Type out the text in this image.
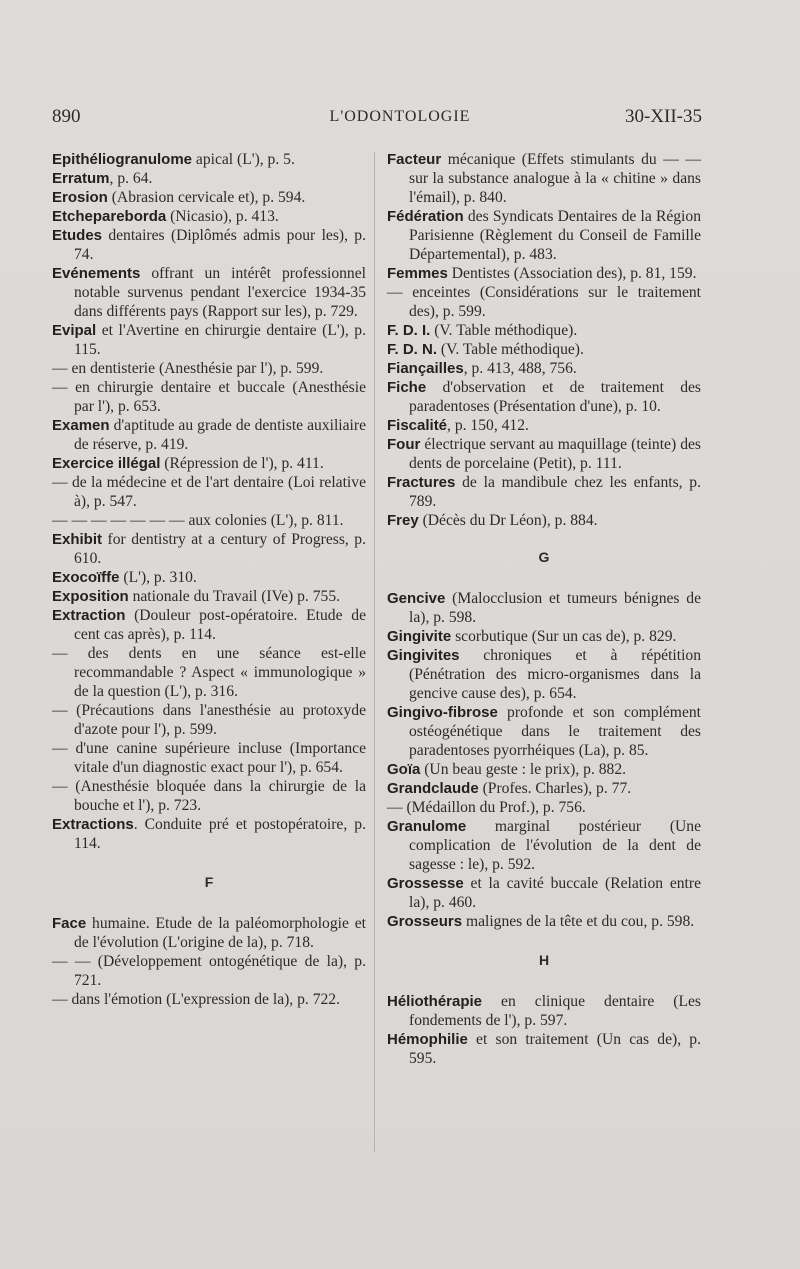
890	L'ODONTOLOGIE	30-XII-35

Epithéliogranulome apical (L'), p. 5.

Erratum, p. 64.

Erosion (Abrasion cervicale et), p. 594.

Etchepareborda (Nicasio), p. 413.

Etudes dentaires (Diplômés admis pour les), p. 74.

Evénements offrant un intérêt professionnel notable survenus pendant l'exercice 1934-35 dans différents pays (Rapport sur les), p. 729.

Evipal et l'Avertine en chirurgie dentaire (L'), p. 115.

— en dentisterie (Anesthésie par l'), p. 599.

— en chirurgie dentaire et buccale (Anesthésie par l'), p. 653.

Examen d'aptitude au grade de dentiste auxiliaire de réserve, p. 419.

Exercice illégal (Répression de l'), p. 411.

— de la médecine et de l'art dentaire (Loi relative à), p. 547.

— — — — — — — aux colonies (L'), p. 811.

Exhibit for dentistry at a century of Progress, p. 610.

Exocoïffe (L'), p. 310.

Exposition nationale du Travail (IVe) p. 755.

Extraction (Douleur post-opératoire. Etude de cent cas après), p. 114.

— des dents en une séance est-elle recommandable ? Aspect « immunologique » de la question (L'), p. 316.

— (Précautions dans l'anesthésie au protoxyde d'azote pour l'), p. 599.

— d'une canine supérieure incluse (Importance vitale d'un diagnostic exact pour l'), p. 654.

— (Anesthésie bloquée dans la chirurgie de la bouche et l'), p. 723.

Extractions. Conduite pré et postopératoire, p. 114.

F

Face humaine. Etude de la paléomorphologie et de l'évolution (L'origine de la), p. 718.

— — (Développement ontogénétique de la), p. 721.

— dans l'émotion (L'expression de la), p. 722.

Facteur mécanique (Effets stimulants du — — sur la substance analogue à la « chitine » dans l'émail), p. 840.

Fédération des Syndicats Dentaires de la Région Parisienne (Règlement du Conseil de Famille Départemental), p. 483.

Femmes Dentistes (Association des), p. 81, 159.

— enceintes (Considérations sur le traitement des), p. 599.

F. D. I. (V. Table méthodique).

F. D. N. (V. Table méthodique).

Fiançailles, p. 413, 488, 756.

Fiche d'observation et de traitement des paradentoses (Présentation d'une), p. 10.

Fiscalité, p. 150, 412.

Four électrique servant au maquillage (teinte) des dents de porcelaine (Petit), p. 111.

Fractures de la mandibule chez les enfants, p. 789.

Frey (Décès du Dr Léon), p. 884.

G

Gencive (Malocclusion et tumeurs bénignes de la), p. 598.

Gingivite scorbutique (Sur un cas de), p. 829.

Gingivites chroniques et à répétition (Pénétration des micro-organismes dans la gencive cause des), p. 654.

Gingivo-fibrose profonde et son complément ostéogénétique dans le traitement des paradentoses pyorrhéiques (La), p. 85.

Goïa (Un beau geste : le prix), p. 882.

Grandclaude (Profes. Charles), p. 77.

— (Médaillon du Prof.), p. 756.

Granulome marginal postérieur (Une complication de l'évolution de la dent de sagesse : le), p. 592.

Grossesse et la cavité buccale (Relation entre la), p. 460.

Grosseurs malignes de la tête et du cou, p. 598.

H

Héliothérapie en clinique dentaire (Les fondements de l'), p. 597.

Hémophilie et son traitement (Un cas de), p. 595.
